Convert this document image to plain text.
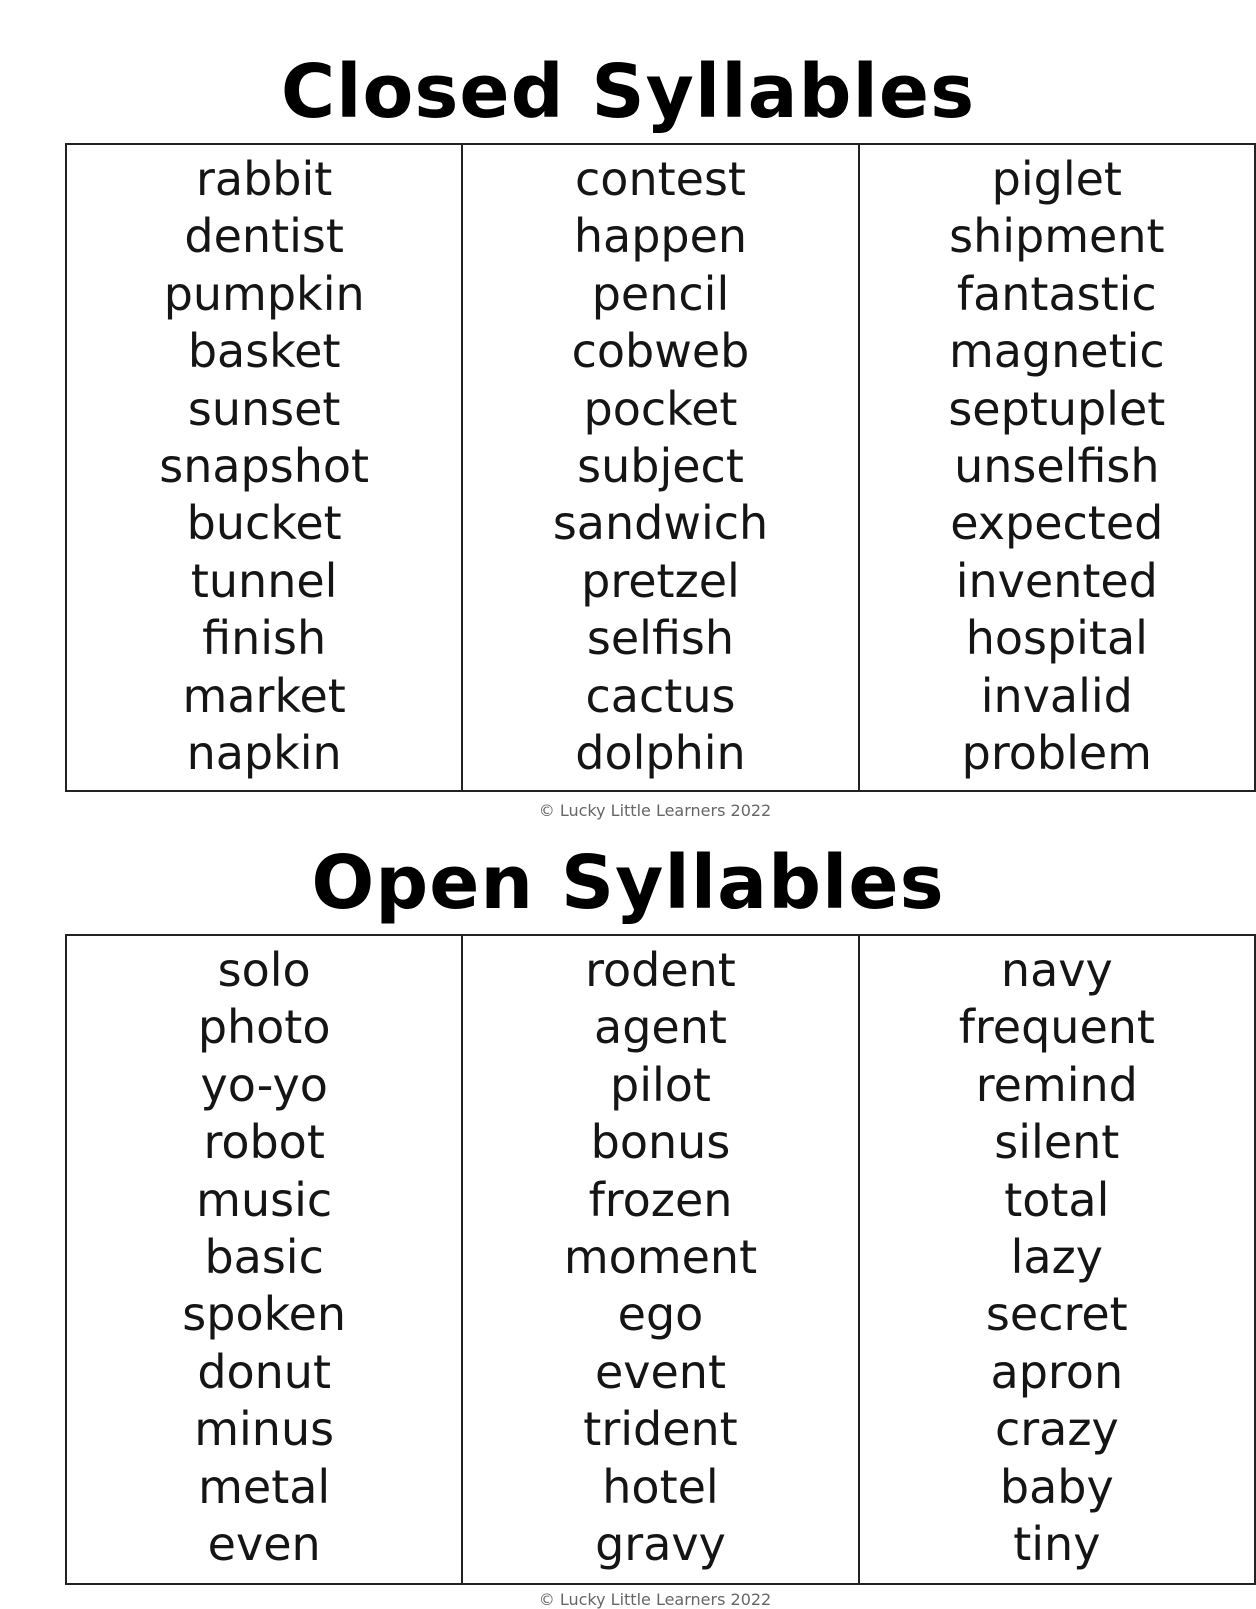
Closed Syllables
rabbit
dentist
pumpkin
basket
sunset
snapshot
bucket
tunnel
finish
market
napkin
contest
happen
pencil
cobweb
pocket
subject
sandwich
pretzel
selfish
cactus
dolphin
piglet
shipment
fantastic
magnetic
septuplet
unselfish
expected
invented
hospital
invalid
problem
© Lucky Little Learners 2022
Open Syllables
solo
photo
yo-yo
robot
music
basic
spoken
donut
minus
metal
even
rodent
agent
pilot
bonus
frozen
moment
ego
event
trident
hotel
gravy
navy
frequent
remind
silent
total
lazy
secret
apron
crazy
baby
tiny
© Lucky Little Learners 2022
